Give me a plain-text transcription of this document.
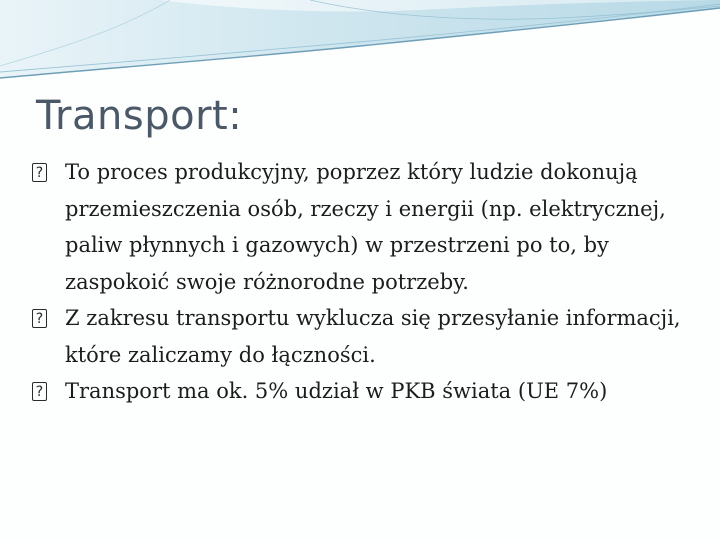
Transport:
? To proces produkcyjny, poprzez który ludzie dokonują przemieszczenia osób, rzeczy i energii (np. elektrycznej, paliw płynnych i gazowych) w przestrzeni po to, by zaspokoić swoje różnorodne potrzeby.
? Z zakresu transportu wyklucza się przesyłanie informacji, które zaliczamy do łączności.
? Transport ma ok. 5% udział w PKB świata (UE 7%)
